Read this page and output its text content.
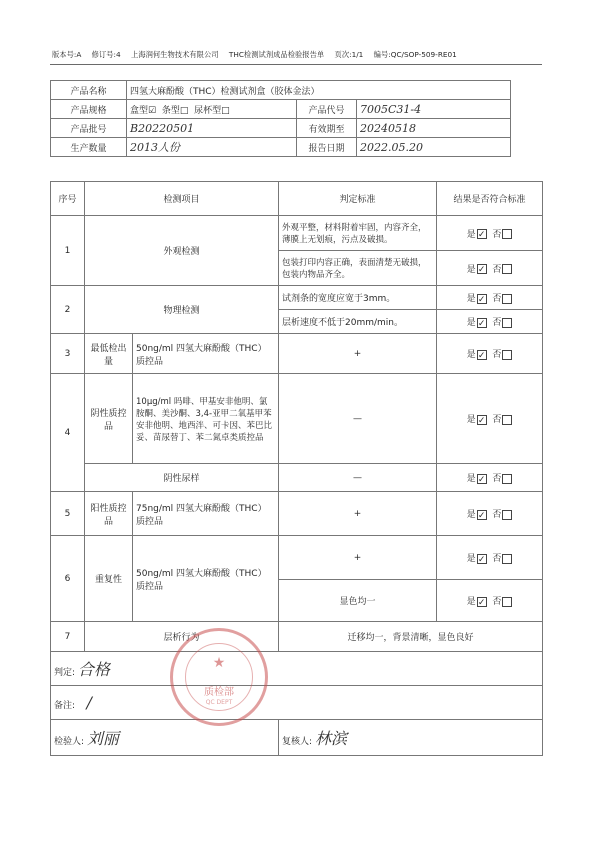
版本号:A 修订号:4 上海润何生物技术有限公司 THC检测试剂成品检验报告单 页次:1/1 编号:QC/SOP-509-RE01
产品名称	四氢大麻酚酸（THC）检测试剂盒（胶体金法）		
产品规格	盒型☑ 条型□ 尿杯型□	产品代号	7005C31-4
产品批号	B20220501	有效期至	20240518
生产数量	2013人份	报告日期	2022.05.20
序号	检测项目		判定标准	结果是否符合标准
1	外观检测		外观平整，材料附着牢固，内容齐全，薄膜上无划痕，污点及破损。	是 ✓ 否
			包装打印内容正确，表面清楚无破损，包装内物品齐全。	是 ✓ 否
2	物理检测		试剂条的宽度应宽于3mm。	是 ✓ 否
			层析速度不低于20mm/min。	是 ✓ 否
3	最低检出量	50ng/ml 四氢大麻酚酸（THC）质控品	+	是 ✓ 否
4	阴性质控品	10μg/ml 吗啡、甲基安非他明、氯胺酮、美沙酮、3,4-亚甲二氧基甲苯安非他明、地西泮、可卡因、苯巴比妥、苗尿替丁、苯二氮卓类质控品	—	是 ✓ 否
	阴性尿样		—	是 ✓ 否
5	阳性质控品	75ng/ml 四氢大麻酚酸（THC）质控品	+	是 ✓ 否
6	重复性	50ng/ml 四氢大麻酚酸（THC）质控品	+	是 ✓ 否
			显色均一	是 ✓ 否
7	层析行为		迁移均一，背景清晰，显色良好	
判定: 合格				
备注: /				
检验人: 刘丽			复核人: 林滨	
★
质检部
QC DEPT
